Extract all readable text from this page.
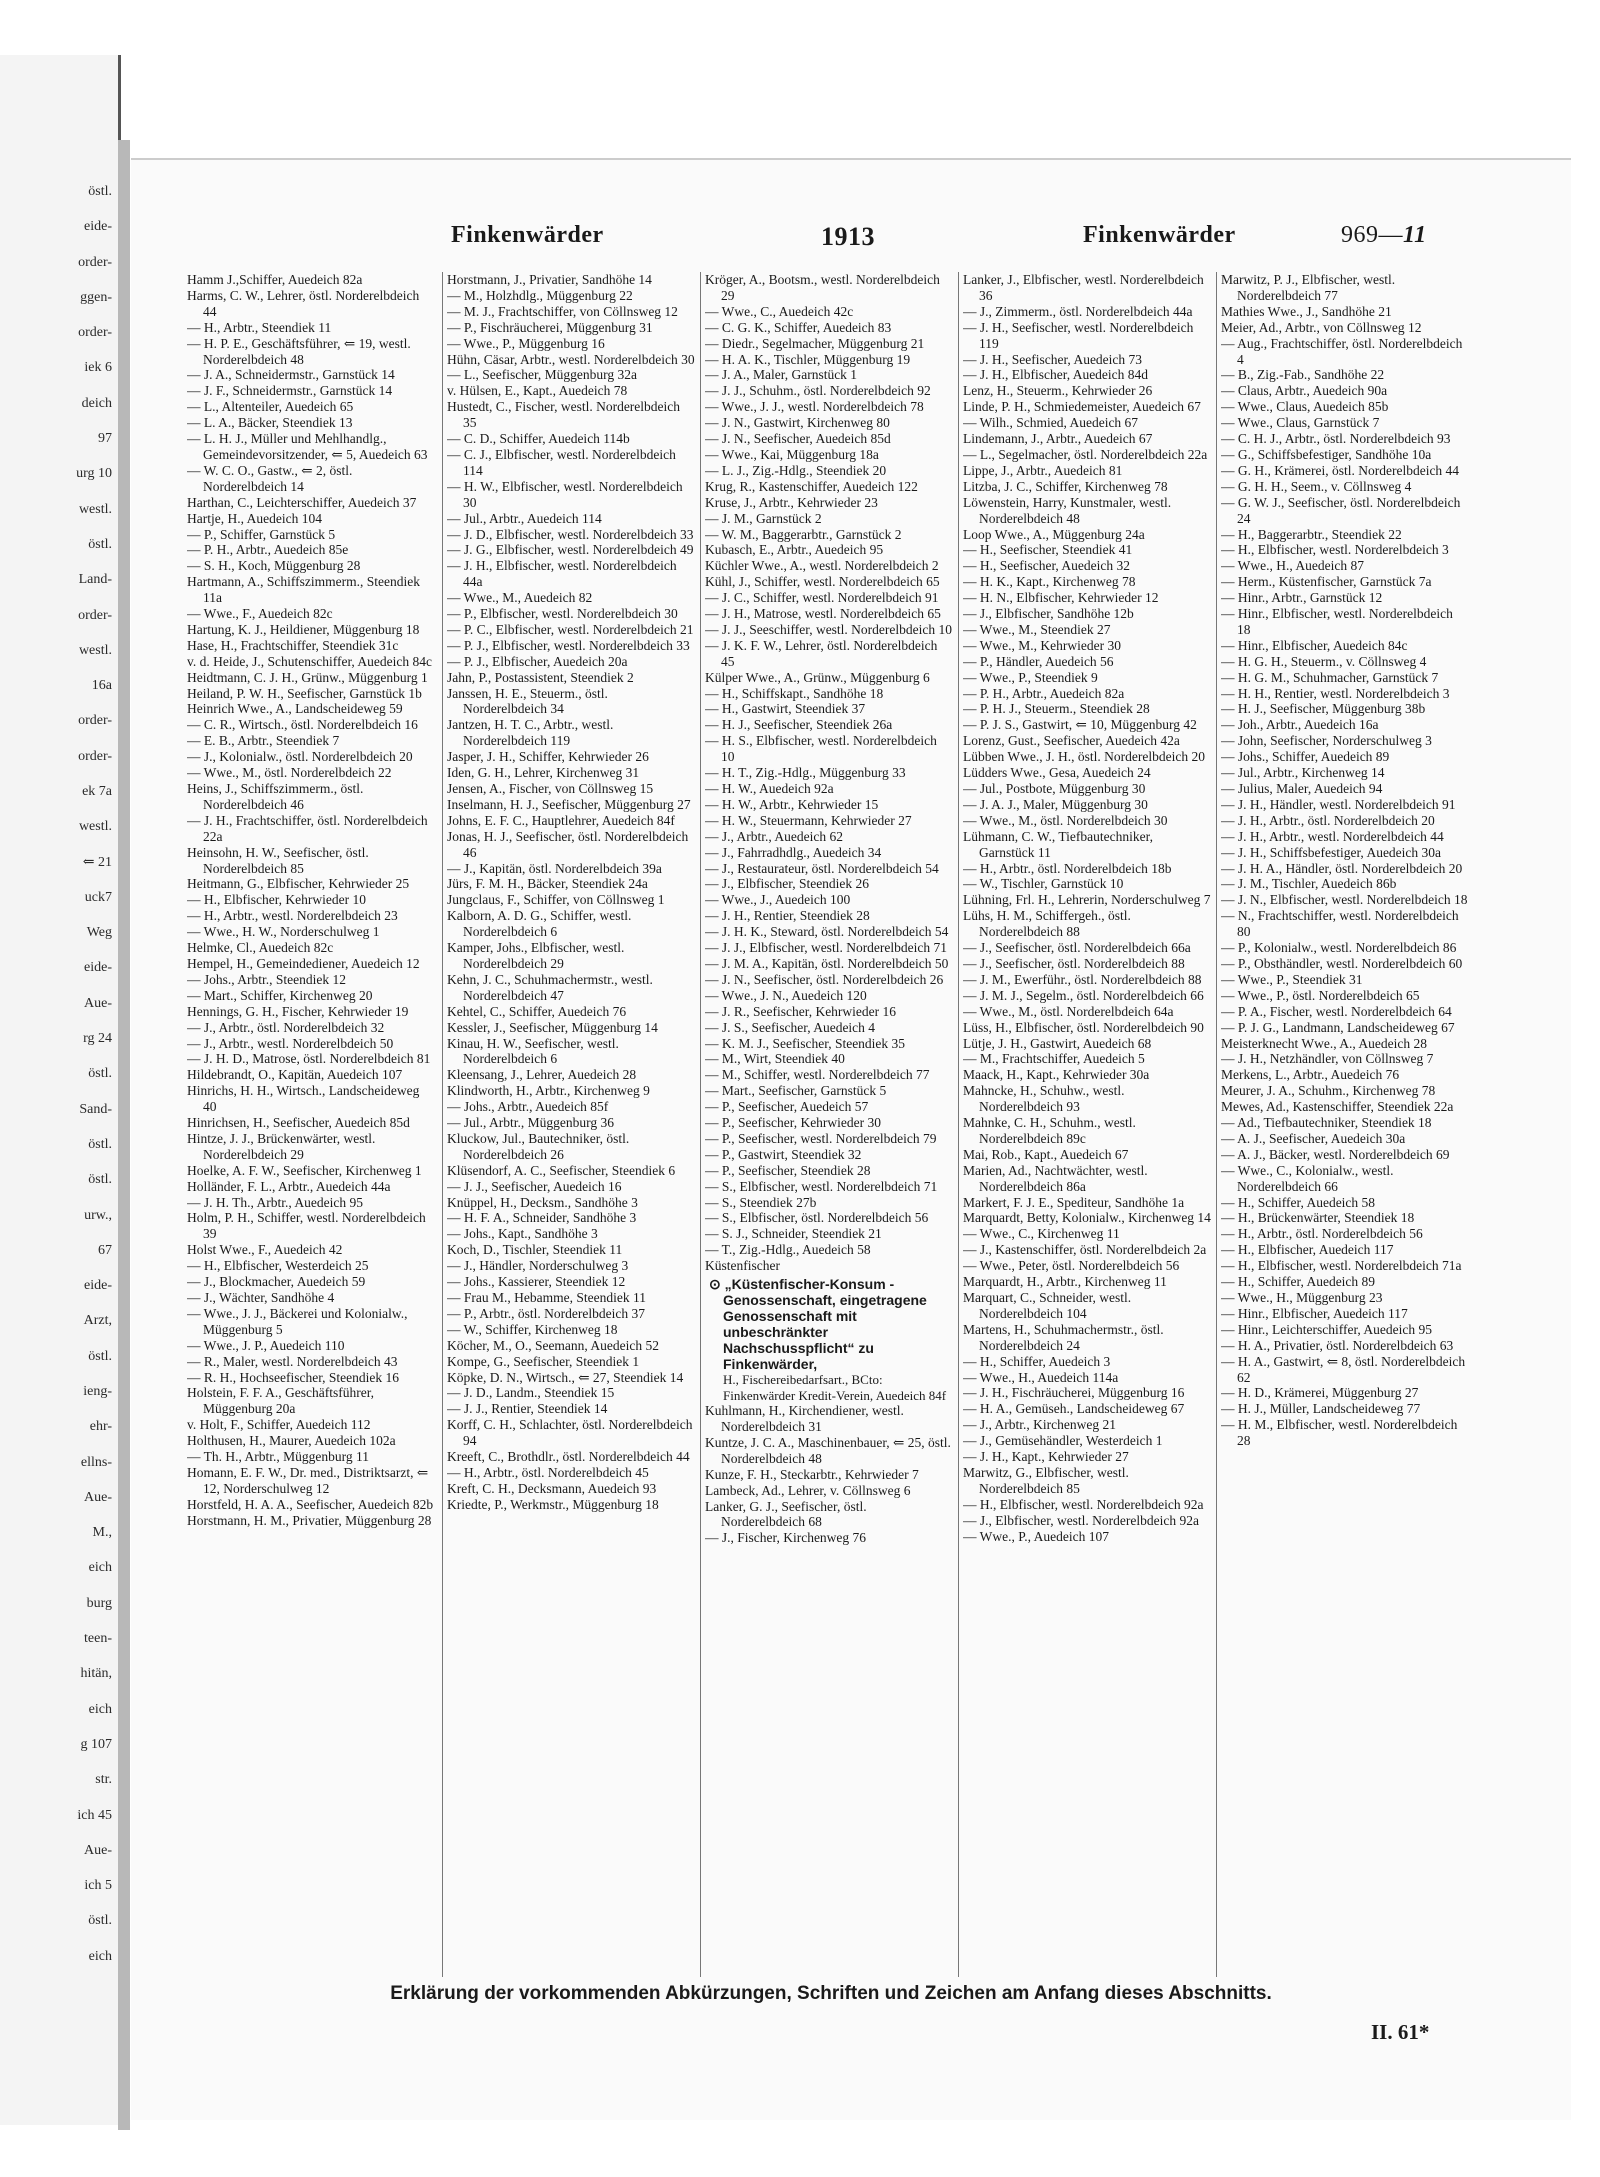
östl.
eide-
order-
ggen-
order-
iek 6
deich
97
urg 10
westl.
östl.
Land-
order-
westl.
16a
order-
order-
ek 7a
westl.
⇐ 21
uck7
Weg
eide-
Aue-
rg 24
östl.
Sand-
östl.
östl.
urw.,
67
eide-
Arzt,
östl.
ieng-
ehr-
ellns-
Aue-
M.,
eich
burg
teen-
hitän,
eich
g 107
str.
ich 45
Aue-
ich 5
östl.
eich
Finkenwärder	1913	Finkenwärder	969—11
Hamm J.,Schiffer, Auedeich 82a
Harms, C. W., Lehrer, östl. Norderelbdeich 44
— H., Arbtr., Steendiek 11
— H. P. E., Geschäftsführer, ⇐ 19, westl. Norderelbdeich 48
— J. A., Schneidermstr., Garnstück 14
— J. F., Schneidermstr., Garnstück 14
— L., Altenteiler, Auedeich 65
— L. A., Bäcker, Steendiek 13
— L. H. J., Müller und Mehlhandlg., Gemeindevorsitzender, ⇐ 5, Auedeich 63
— W. C. O., Gastw., ⇐ 2, östl. Norderelbdeich 14
Harthan, C., Leichterschiffer, Auedeich 37
Hartje, H., Auedeich 104
— P., Schiffer, Garnstück 5
— P. H., Arbtr., Auedeich 85e
— S. H., Koch, Müggenburg 28
Hartmann, A., Schiffszimmerm., Steendiek 11a
— Wwe., F., Auedeich 82c
Hartung, K. J., Heildiener, Müggenburg 18
Hase, H., Frachtschiffer, Steendiek 31c
v. d. Heide, J., Schutenschiffer, Auedeich 84c
Heidtmann, C. J. H., Grünw., Müggenburg 1
Heiland, P. W. H., Seefischer, Garnstück 1b
Heinrich Wwe., A., Landscheideweg 59
— C. R., Wirtsch., östl. Norderelbdeich 16
— E. B., Arbtr., Steendiek 7
— J., Kolonialw., östl. Norderelbdeich 20
— Wwe., M., östl. Norderelbdeich 22
Heins, J., Schiffszimmerm., östl. Norderelbdeich 46
— J. H., Frachtschiffer, östl. Norderelbdeich 22a
Heinsohn, H. W., Seefischer, östl. Norderelbdeich 85
Heitmann, G., Elbfischer, Kehrwieder 25
— H., Elbfischer, Kehrwieder 10
— H., Arbtr., westl. Norderelbdeich 23
— Wwe., H. W., Norderschulweg 1
Helmke, Cl., Auedeich 82c
Hempel, H., Gemeindediener, Auedeich 12
— Johs., Arbtr., Steendiek 12
— Mart., Schiffer, Kirchenweg 20
Hennings, G. H., Fischer, Kehrwieder 19
— J., Arbtr., östl. Norderelbdeich 32
— J., Arbtr., westl. Norderelbdeich 50
— J. H. D., Matrose, östl. Norderelbdeich 81
Hildebrandt, O., Kapitän, Auedeich 107
Hinrichs, H. H., Wirtsch., Landscheideweg 40
Hinrichsen, H., Seefischer, Auedeich 85d
Hintze, J. J., Brückenwärter, westl. Norderelbdeich 29
Hoelke, A. F. W., Seefischer, Kirchenweg 1
Holländer, F. L., Arbtr., Auedeich 44a
— J. H. Th., Arbtr., Auedeich 95
Holm, P. H., Schiffer, westl. Norderelbdeich 39
Holst Wwe., F., Auedeich 42
— H., Elbfischer, Westerdeich 25
— J., Blockmacher, Auedeich 59
— J., Wächter, Sandhöhe 4
— Wwe., J. J., Bäckerei und Kolonialw., Müggenburg 5
— Wwe., J. P., Auedeich 110
— R., Maler, westl. Norderelbdeich 43
— R. H., Hochseefischer, Steendiek 16
Holstein, F. F. A., Geschäftsführer, Müggenburg 20a
v. Holt, F., Schiffer, Auedeich 112
Holthusen, H., Maurer, Auedeich 102a
— Th. H., Arbtr., Müggenburg 11
Homann, E. F. W., Dr. med., Distriktsarzt, ⇐ 12, Norderschulweg 12
Horstfeld, H. A. A., Seefischer, Auedeich 82b
Horstmann, H. M., Privatier, Müggenburg 28
Horstmann, J., Privatier, Sandhöhe 14
— M., Holzhdlg., Müggenburg 22
— M. J., Frachtschiffer, von Cöllnsweg 12
— P., Fischräucherei, Müggenburg 31
— Wwe., P., Müggenburg 16
Hühn, Cäsar, Arbtr., westl. Norderelbdeich 30
— L., Seefischer, Müggenburg 32a
v. Hülsen, E., Kapt., Auedeich 78
Hustedt, C., Fischer, westl. Norderelbdeich 35
— C. D., Schiffer, Auedeich 114b
— C. J., Elbfischer, westl. Norderelbdeich 114
— H. W., Elbfischer, westl. Norderelbdeich 30
— Jul., Arbtr., Auedeich 114
— J. D., Elbfischer, westl. Norderelbdeich 33
— J. G., Elbfischer, westl. Norderelbdeich 49
— J. H., Elbfischer, westl. Norderelbdeich 44a
— Wwe., M., Auedeich 82
— P., Elbfischer, westl. Norderelbdeich 30
— P. C., Elbfischer, westl. Norderelbdeich 21
— P. J., Elbfischer, westl. Norderelbdeich 33
— P. J., Elbfischer, Auedeich 20a
Jahn, P., Postassistent, Steendiek 2
Janssen, H. E., Steuerm., östl. Norderelbdeich 34
Jantzen, H. T. C., Arbtr., westl. Norderelbdeich 119
Jasper, J. H., Schiffer, Kehrwieder 26
Iden, G. H., Lehrer, Kirchenweg 31
Jensen, A., Fischer, von Cöllnsweg 15
Inselmann, H. J., Seefischer, Müggenburg 27
Johns, E. F. C., Hauptlehrer, Auedeich 84f
Jonas, H. J., Seefischer, östl. Norderelbdeich 46
— J., Kapitän, östl. Norderelbdeich 39a
Jürs, F. M. H., Bäcker, Steendiek 24a
Jungclaus, F., Schiffer, von Cöllnsweg 1
Kalborn, A. D. G., Schiffer, westl. Norderelbdeich 6
Kamper, Johs., Elbfischer, westl. Norderelbdeich 29
Kehn, J. C., Schuhmachermstr., westl. Norderelbdeich 47
Kehtel, C., Schiffer, Auedeich 76
Kessler, J., Seefischer, Müggenburg 14
Kinau, H. W., Seefischer, westl. Norderelbdeich 6
Kleensang, J., Lehrer, Auedeich 28
Klindworth, H., Arbtr., Kirchenweg 9
— Johs., Arbtr., Auedeich 85f
— Jul., Arbtr., Müggenburg 36
Kluckow, Jul., Bautechniker, östl. Norderelbdeich 26
Klüsendorf, A. C., Seefischer, Steendiek 6
— J. J., Seefischer, Auedeich 16
Knüppel, H., Decksm., Sandhöhe 3
— H. F. A., Schneider, Sandhöhe 3
— Johs., Kapt., Sandhöhe 3
Koch, D., Tischler, Steendiek 11
— J., Händler, Norderschulweg 3
— Johs., Kassierer, Steendiek 12
— Frau M., Hebamme, Steendiek 11
— P., Arbtr., östl. Norderelbdeich 37
— W., Schiffer, Kirchenweg 18
Köcher, M., O., Seemann, Auedeich 52
Kompe, G., Seefischer, Steendiek 1
Köpke, D. N., Wirtsch., ⇐ 27, Steendiek 14
— J. D., Landm., Steendiek 15
— J. J., Rentier, Steendiek 14
Korff, C. H., Schlachter, östl. Norderelbdeich 94
Kreeft, C., Brothdlr., östl. Norderelbdeich 44
— H., Arbtr., östl. Norderelbdeich 45
Kreft, C. H., Decksmann, Auedeich 93
Kriedte, P., Werkmstr., Müggenburg 18
Kröger, A., Bootsm., westl. Norderelbdeich 29
— Wwe., C., Auedeich 42c
— C. G. K., Schiffer, Auedeich 83
— Diedr., Segelmacher, Müggenburg 21
— H. A. K., Tischler, Müggenburg 19
— J. A., Maler, Garnstück 1
— J. J., Schuhm., östl. Norderelbdeich 92
— Wwe., J. J., westl. Norderelbdeich 78
— J. N., Gastwirt, Kirchenweg 80
— J. N., Seefischer, Auedeich 85d
— Wwe., Kai, Müggenburg 18a
— L. J., Zig.-Hdlg., Steendiek 20
Krug, R., Kastenschiffer, Auedeich 122
Kruse, J., Arbtr., Kehrwieder 23
— J. M., Garnstück 2
— W. M., Baggerarbtr., Garnstück 2
Kubasch, E., Arbtr., Auedeich 95
Küchler Wwe., A., westl. Norderelbdeich 2
Kühl, J., Schiffer, westl. Norderelbdeich 65
— J. C., Schiffer, westl. Norderelbdeich 91
— J. H., Matrose, westl. Norderelbdeich 65
— J. J., Seeschiffer, westl. Norderelbdeich 10
— J. K. F. W., Lehrer, östl. Norderelbdeich 45
Külper Wwe., A., Grünw., Müggenburg 6
— H., Schiffskapt., Sandhöhe 18
— H., Gastwirt, Steendiek 37
— H. J., Seefischer, Steendiek 26a
— H. S., Elbfischer, westl. Norderelbdeich 10
— H. T., Zig.-Hdlg., Müggenburg 33
— H. W., Auedeich 92a
— H. W., Arbtr., Kehrwieder 15
— H. W., Steuermann, Kehrwieder 27
— J., Arbtr., Auedeich 62
— J., Fahrradhdlg., Auedeich 34
— J., Restaurateur, östl. Norderelbdeich 54
— J., Elbfischer, Steendiek 26
— Wwe., J., Auedeich 100
— J. H., Rentier, Steendiek 28
— J. H. K., Steward, östl. Norderelbdeich 54
— J. J., Elbfischer, westl. Norderelbdeich 71
— J. M. A., Kapitän, östl. Norderelbdeich 50
— J. N., Seefischer, östl. Norderelbdeich 26
— Wwe., J. N., Auedeich 120
— J. R., Seefischer, Kehrwieder 16
— J. S., Seefischer, Auedeich 4
— K. M. J., Seefischer, Steendiek 35
— M., Wirt, Steendiek 40
— M., Schiffer, westl. Norderelbdeich 77
— Mart., Seefischer, Garnstück 5
— P., Seefischer, Auedeich 57
— P., Seefischer, Kehrwieder 30
— P., Seefischer, westl. Norderelbdeich 79
— P., Gastwirt, Steendiek 32
— P., Seefischer, Steendiek 28
— S., Elbfischer, westl. Norderelbdeich 71
— S., Steendiek 27b
— S., Elbfischer, östl. Norderelbdeich 56
— S. J., Schneider, Steendiek 21
— T., Zig.-Hdlg., Auedeich 58
Küstenfischer
⊙ „Küstenfischer-Konsum - Genossenschaft, eingetragene Genossenschaft mit unbeschränkter Nachschusspflicht“ zu Finkenwärder,
H., Fischereibedarfsart., BCto: Finkenwärder Kredit-Verein, Auedeich 84f
Kuhlmann, H., Kirchendiener, westl. Norderelbdeich 31
Kuntze, J. C. A., Maschinenbauer, ⇐ 25, östl. Norderelbdeich 48
Kunze, F. H., Steckarbtr., Kehrwieder 7
Lambeck, Ad., Lehrer, v. Cöllnsweg 6
Lanker, G. J., Seefischer, östl. Norderelbdeich 68
— J., Fischer, Kirchenweg 76
Lanker, J., Elbfischer, westl. Norderelbdeich 36
— J., Zimmerm., östl. Norderelbdeich 44a
— J. H., Seefischer, westl. Norderelbdeich 119
— J. H., Seefischer, Auedeich 73
— J. H., Elbfischer, Auedeich 84d
Lenz, H., Steuerm., Kehrwieder 26
Linde, P. H., Schmiedemeister, Auedeich 67
— Wilh., Schmied, Auedeich 67
Lindemann, J., Arbtr., Auedeich 67
— L., Segelmacher, östl. Norderelbdeich 22a
Lippe, J., Arbtr., Auedeich 81
Litzba, J. C., Schiffer, Kirchenweg 78
Löwenstein, Harry, Kunstmaler, westl. Norderelbdeich 48
Loop Wwe., A., Müggenburg 24a
— H., Seefischer, Steendiek 41
— H., Seefischer, Auedeich 32
— H. K., Kapt., Kirchenweg 78
— H. N., Elbfischer, Kehrwieder 12
— J., Elbfischer, Sandhöhe 12b
— Wwe., M., Steendiek 27
— Wwe., M., Kehrwieder 30
— P., Händler, Auedeich 56
— Wwe., P., Steendiek 9
— P. H., Arbtr., Auedeich 82a
— P. H. J., Steuerm., Steendiek 28
— P. J. S., Gastwirt, ⇐ 10, Müggenburg 42
Lorenz, Gust., Seefischer, Auedeich 42a
Lübben Wwe., J. H., östl. Norderelbdeich 20
Lüdders Wwe., Gesa, Auedeich 24
— Jul., Postbote, Müggenburg 30
— J. A. J., Maler, Müggenburg 30
— Wwe., M., östl. Norderelbdeich 30
Lühmann, C. W., Tiefbautechniker, Garnstück 11
— H., Arbtr., östl. Norderelbdeich 18b
— W., Tischler, Garnstück 10
Lühning, Frl. H., Lehrerin, Norderschulweg 7
Lühs, H. M., Schiffergeh., östl. Norderelbdeich 88
— J., Seefischer, östl. Norderelbdeich 66a
— J., Seefischer, östl. Norderelbdeich 88
— J. M., Ewerführ., östl. Norderelbdeich 88
— J. M. J., Segelm., östl. Norderelbdeich 66
— Wwe., M., östl. Norderelbdeich 64a
Lüss, H., Elbfischer, östl. Norderelbdeich 90
Lütje, J. H., Gastwirt, Auedeich 68
— M., Frachtschiffer, Auedeich 5
Maack, H., Kapt., Kehrwieder 30a
Mahncke, H., Schuhw., westl. Norderelbdeich 93
Mahnke, C. H., Schuhm., westl. Norderelbdeich 89c
Mai, Rob., Kapt., Auedeich 67
Marien, Ad., Nachtwächter, westl. Norderelbdeich 86a
Markert, F. J. E., Spediteur, Sandhöhe 1a
Marquardt, Betty, Kolonialw., Kirchenweg 14
— Wwe., C., Kirchenweg 11
— J., Kastenschiffer, östl. Norderelbdeich 2a
— Wwe., Peter, östl. Norderelbdeich 56
Marquardt, H., Arbtr., Kirchenweg 11
Marquart, C., Schneider, westl. Norderelbdeich 104
Martens, H., Schuhmachermstr., östl. Norderelbdeich 24
— H., Schiffer, Auedeich 3
— Wwe., H., Auedeich 114a
— J. H., Fischräucherei, Müggenburg 16
— H. A., Gemüseh., Landscheideweg 67
— J., Arbtr., Kirchenweg 21
— J., Gemüsehändler, Westerdeich 1
— J. H., Kapt., Kehrwieder 27
Marwitz, G., Elbfischer, westl. Norderelbdeich 85
— H., Elbfischer, westl. Norderelbdeich 92a
— J., Elbfischer, westl. Norderelbdeich 92a
— Wwe., P., Auedeich 107
Marwitz, P. J., Elbfischer, westl. Norderelbdeich 77
Mathies Wwe., J., Sandhöhe 21
Meier, Ad., Arbtr., von Cöllnsweg 12
— Aug., Frachtschiffer, östl. Norderelbdeich 4
— B., Zig.-Fab., Sandhöhe 22
— Claus, Arbtr., Auedeich 90a
— Wwe., Claus, Auedeich 85b
— Wwe., Claus, Garnstück 7
— C. H. J., Arbtr., östl. Norderelbdeich 93
— G., Schiffsbefestiger, Sandhöhe 10a
— G. H., Krämerei, östl. Norderelbdeich 44
— G. H. H., Seem., v. Cöllnsweg 4
— G. W. J., Seefischer, östl. Norderelbdeich 24
— H., Baggerarbtr., Steendiek 22
— H., Elbfischer, westl. Norderelbdeich 3
— Wwe., H., Auedeich 87
— Herm., Küstenfischer, Garnstück 7a
— Hinr., Arbtr., Garnstück 12
— Hinr., Elbfischer, westl. Norderelbdeich 18
— Hinr., Elbfischer, Auedeich 84c
— H. G. H., Steuerm., v. Cöllnsweg 4
— H. G. M., Schuhmacher, Garnstück 7
— H. H., Rentier, westl. Norderelbdeich 3
— H. J., Seefischer, Müggenburg 38b
— Joh., Arbtr., Auedeich 16a
— John, Seefischer, Norderschulweg 3
— Johs., Schiffer, Auedeich 89
— Jul., Arbtr., Kirchenweg 14
— Julius, Maler, Auedeich 94
— J. H., Händler, westl. Norderelbdeich 91
— J. H., Arbtr., östl. Norderelbdeich 20
— J. H., Arbtr., westl. Norderelbdeich 44
— J. H., Schiffsbefestiger, Auedeich 30a
— J. H. A., Händler, östl. Norderelbdeich 20
— J. M., Tischler, Auedeich 86b
— J. N., Elbfischer, westl. Norderelbdeich 18
— N., Frachtschiffer, westl. Norderelbdeich 80
— P., Kolonialw., westl. Norderelbdeich 86
— P., Obsthändler, westl. Norderelbdeich 60
— Wwe., P., Steendiek 31
— Wwe., P., östl. Norderelbdeich 65
— P. A., Fischer, westl. Norderelbdeich 64
— P. J. G., Landmann, Landscheideweg 67
Meisterknecht Wwe., A., Auedeich 28
— J. H., Netzhändler, von Cöllnsweg 7
Merkens, L., Arbtr., Auedeich 76
Meurer, J. A., Schuhm., Kirchenweg 78
Mewes, Ad., Kastenschiffer, Steendiek 22a
— Ad., Tiefbautechniker, Steendiek 18
— A. J., Seefischer, Auedeich 30a
— A. J., Bäcker, westl. Norderelbdeich 69
— Wwe., C., Kolonialw., westl. Norderelbdeich 66
— H., Schiffer, Auedeich 58
— H., Brückenwärter, Steendiek 18
— H., Arbtr., östl. Norderelbdeich 56
— H., Elbfischer, Auedeich 117
— H., Elbfischer, westl. Norderelbdeich 71a
— H., Schiffer, Auedeich 89
— Wwe., H., Müggenburg 23
— Hinr., Elbfischer, Auedeich 117
— Hinr., Leichterschiffer, Auedeich 95
— H. A., Privatier, östl. Norderelbdeich 63
— H. A., Gastwirt, ⇐ 8, östl. Norderelbdeich 62
— H. D., Krämerei, Müggenburg 27
— H. J., Müller, Landscheideweg 77
— H. M., Elbfischer, westl. Norderelbdeich 28
Erklärung der vorkommenden Abkürzungen, Schriften und Zeichen am Anfang dieses Abschnitts.
II. 61*
